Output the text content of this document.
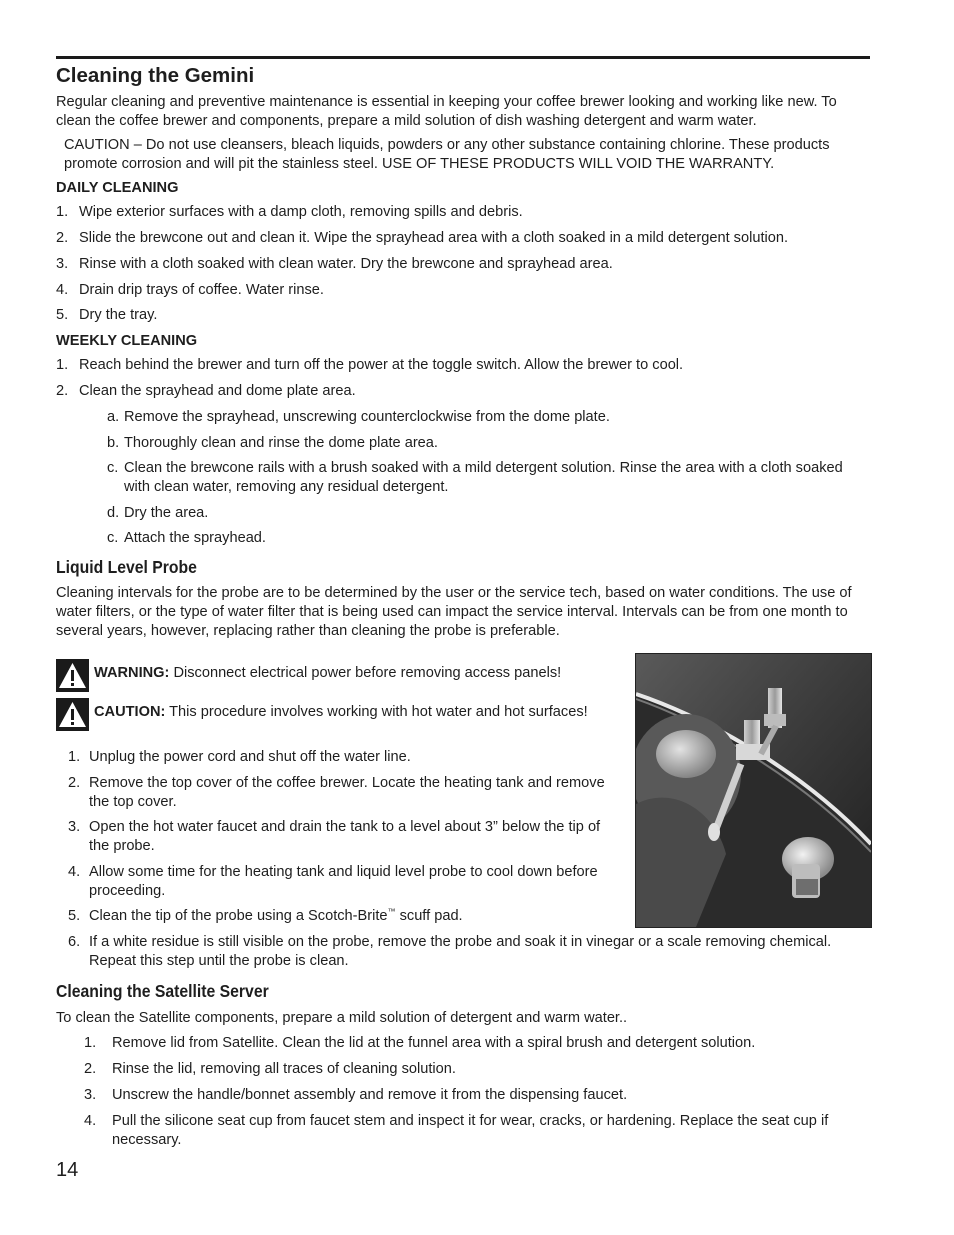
Cleaning the Gemini

Regular cleaning and preventive maintenance is essential in keeping your coffee brewer looking and working like new. To clean the coffee brewer and components, prepare a mild solution of dish washing detergent and warm water.

CAUTION – Do not use cleansers, bleach liquids, powders or any other substance containing chlorine. These products promote corrosion and will pit the stainless steel. USE OF THESE PRODUCTS WILL VOID THE WARRANTY.

DAILY CLEANING
1. Wipe exterior surfaces with a damp cloth, removing spills and debris.
2. Slide the brewcone out and clean it. Wipe the sprayhead area with a cloth soaked in a mild detergent solution.
3. Rinse with a cloth soaked with clean water. Dry the brewcone and sprayhead area.
4. Drain drip trays of coffee. Water rinse.
5. Dry the tray.
WEEKLY CLEANING
1. Reach behind the brewer and turn off the power at the toggle switch. Allow the brewer to cool.
2. Clean the sprayhead and dome plate area.
a. Remove the sprayhead, unscrewing counterclockwise from the dome plate.
b. Thoroughly clean and rinse the dome plate area.
c. Clean the brewcone rails with a brush soaked with a mild detergent solution. Rinse the area with a cloth soaked with clean water, removing any residual detergent.
d. Dry the area.
c. Attach the sprayhead.
Liquid Level Probe

Cleaning intervals for the probe are to be determined by the user or the service tech, based on water conditions. The use of water filters, or the type of water filter that is being used can impact the service interval. Intervals can be from one month to several years, however, replacing rather than cleaning the probe is preferable.

WARNING: Disconnect electrical power before removing access panels!
CAUTION: This procedure involves working with hot water and hot surfaces!
1. Unplug the power cord and shut off the water line.
2. Remove the top cover of the coffee brewer. Locate the heating tank and remove the top cover.
3. Open the hot water faucet and drain the tank to a level about 3” below the tip of the probe.
4. Allow some time for the heating tank and liquid level probe to cool down before proceeding.
5. Clean the tip of the probe using a Scotch-Brite™ scuff pad.
6. If a white residue is still visible on the probe, remove the probe and soak it in vinegar or a scale removing chemical. Repeat this step until the probe is clean.
Cleaning the Satellite Server

To clean the Satellite components, prepare a mild solution of detergent and warm water..

1. Remove lid from Satellite. Clean the lid at the funnel area with a spiral brush and detergent solution.
2. Rinse the lid, removing all traces of cleaning solution.
3. Unscrew the handle/bonnet assembly and remove it from the dispensing faucet.
4. Pull the silicone seat cup from faucet stem and inspect it for wear, cracks, or hardening. Replace the seat cup if necessary.
14
